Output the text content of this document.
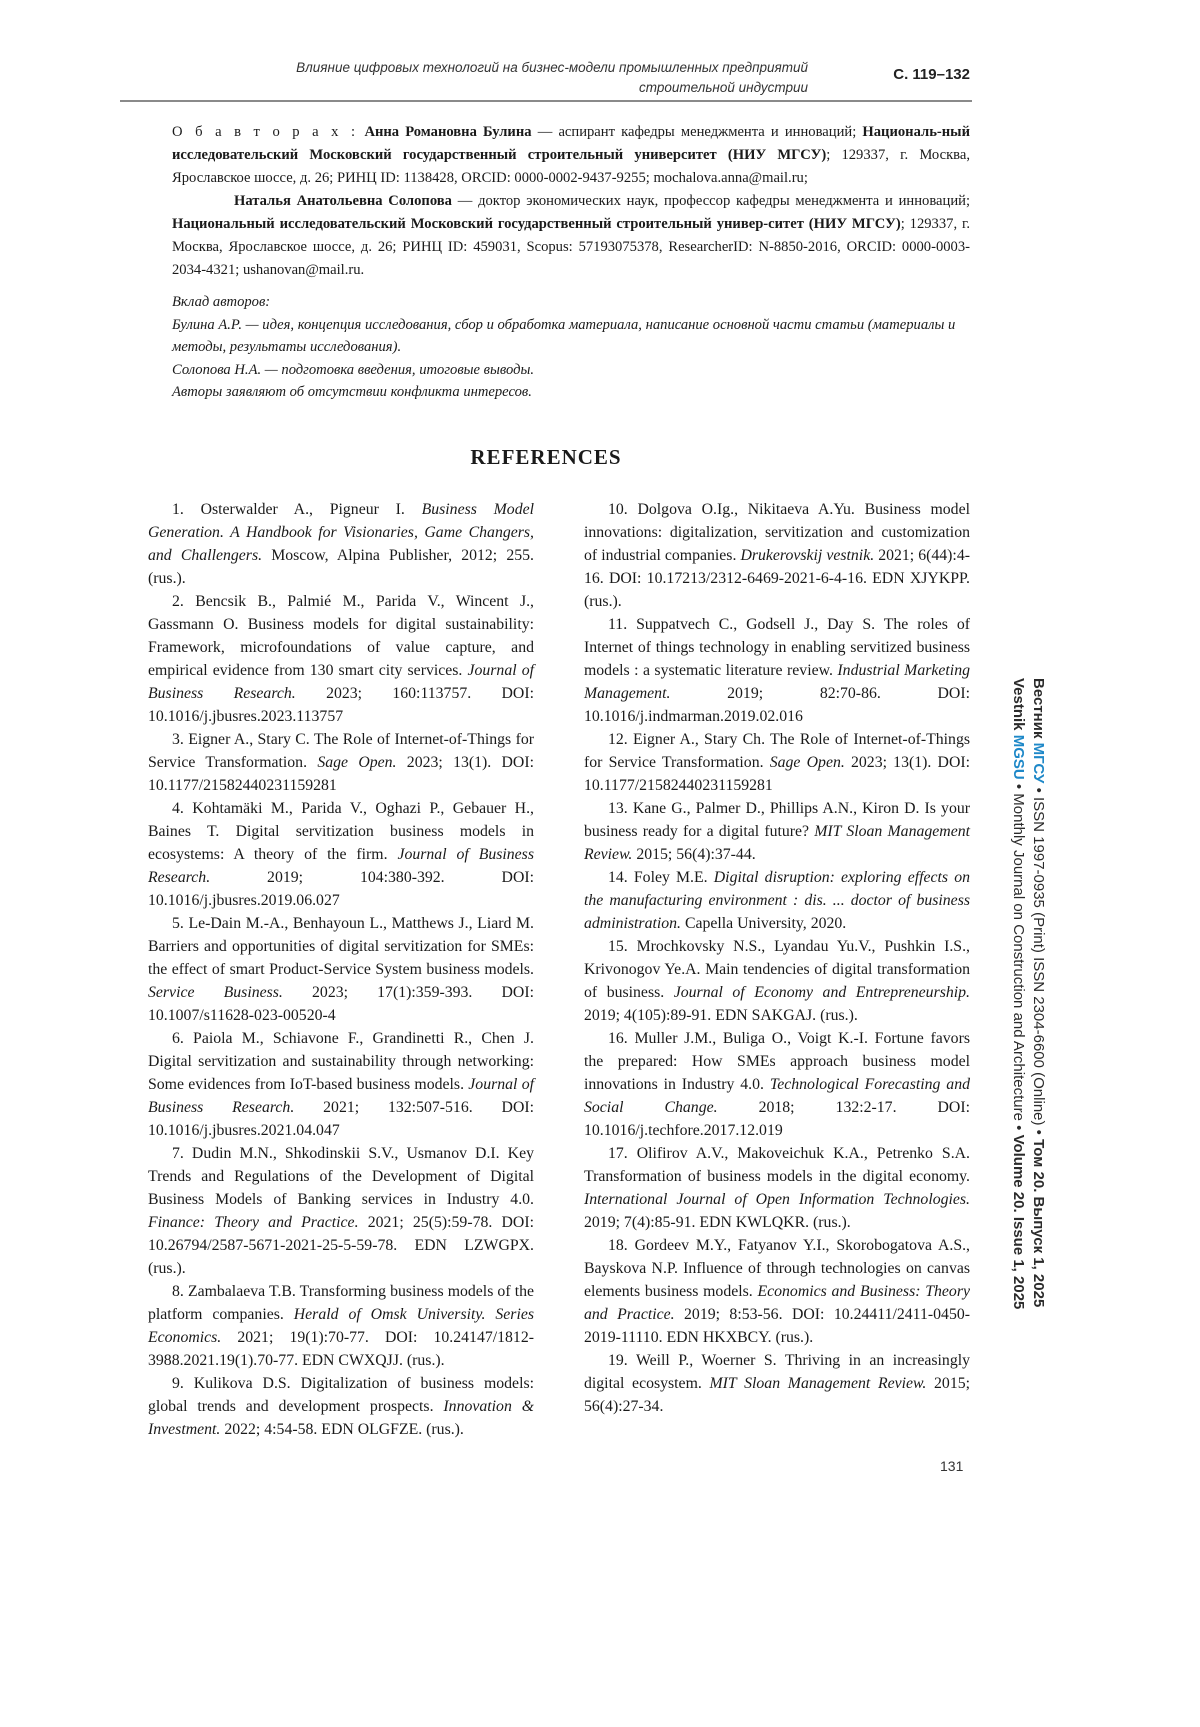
Влияние цифровых технологий на бизнес-модели промышленных предприятий
строительной индустрии
С. 119–132

О б а в т о р а х : Анна Романовна Булина — аспирант кафедры менеджмента и инноваций; Националь-ный исследовательский Московский государственный строительный университет (НИУ МГСУ); 129337, г. Москва, Ярославское шоссе, д. 26; РИНЦ ID: 1138428, ORCID: 0000-0002-9437-9255; mochalova.anna@mail.ru;

Наталья Анатольевна Солопова — доктор экономических наук, профессор кафедры менеджмента и инноваций; Национальный исследовательский Московский государственный строительный универ-ситет (НИУ МГСУ); 129337, г. Москва, Ярославское шоссе, д. 26; РИНЦ ID: 459031, Scopus: 57193075378, ResearcherID: N-8850-2016, ORCID: 0000-0003-2034-4321; ushanovan@mail.ru.

Вклад авторов:

Булина А.Р. — идея, концепция исследования, сбор и обработка материала, написание основной части статьи (материалы и методы, результаты исследования).

Солопова Н.А. — подготовка введения, итоговые выводы.

Авторы заявляют об отсутствии конфликта интересов.

REFERENCES

1. Osterwalder A., Pigneur I. Business Model Generation. A Handbook for Visionaries, Game Changers, and Challengers. Moscow, Alpina Publisher, 2012; 255. (rus.).

2. Bencsik B., Palmié M., Parida V., Wincent J., Gassmann O. Business models for digital sustainability: Framework, microfoundations of value capture, and empirical evidence from 130 smart city services. Journal of Business Research. 2023; 160:113757. DOI: 10.1016/j.jbusres.2023.113757

3. Eigner A., Stary C. The Role of Internet-of-Things for Service Transformation. Sage Open. 2023; 13(1). DOI: 10.1177/21582440231159281

4. Kohtamäki M., Parida V., Oghazi P., Gebauer H., Baines T. Digital servitization business models in ecosystems: A theory of the firm. Journal of Business Research. 2019; 104:380-392. DOI: 10.1016/j.jbusres.2019.06.027

5. Le-Dain M.-A., Benhayoun L., Matthews J., Liard M. Barriers and opportunities of digital servitization for SMEs: the effect of smart Product-Service System business models. Service Business. 2023; 17(1):359-393. DOI: 10.1007/s11628-023-00520-4

6. Paiola M., Schiavone F., Grandinetti R., Chen J. Digital servitization and sustainability through networking: Some evidences from IoT-based business models. Journal of Business Research. 2021; 132:507-516. DOI: 10.1016/j.jbusres.2021.04.047

7. Dudin M.N., Shkodinskii S.V., Usmanov D.I. Key Trends and Regulations of the Development of Digital Business Models of Banking services in Industry 4.0. Finance: Theory and Practice. 2021; 25(5):59-78. DOI: 10.26794/2587-5671-2021-25-5-59-78. EDN LZWGPX. (rus.).

8. Zambalaeva T.B. Transforming business models of the platform companies. Herald of Omsk University. Series Economics. 2021; 19(1):70-77. DOI: 10.24147/1812-3988.2021.19(1).70-77. EDN CWXQJJ. (rus.).

9. Kulikova D.S. Digitalization of business models: global trends and development prospects. Innovation & Investment. 2022; 4:54-58. EDN OLGFZE. (rus.).

10. Dolgova O.Ig., Nikitaeva A.Yu. Business model innovations: digitalization, servitization and customization of industrial companies. Drukerovskij vestnik. 2021; 6(44):4-16. DOI: 10.17213/2312-6469-2021-6-4-16. EDN XJYKPP. (rus.).

11. Suppatvech C., Godsell J., Day S. The roles of Internet of things technology in enabling servitized business models : a systematic literature review. Industrial Marketing Management. 2019; 82:70-86. DOI: 10.1016/j.indmarman.2019.02.016

12. Eigner A., Stary Ch. The Role of Internet-of-Things for Service Transformation. Sage Open. 2023; 13(1). DOI: 10.1177/21582440231159281

13. Kane G., Palmer D., Phillips A.N., Kiron D. Is your business ready for a digital future? MIT Sloan Management Review. 2015; 56(4):37-44.

14. Foley M.E. Digital disruption: exploring effects on the manufacturing environment : dis. ... doctor of business administration. Capella University, 2020.

15. Mrochkovsky N.S., Lyandau Yu.V., Pushkin I.S., Krivonogov Ye.A. Main tendencies of digital transformation of business. Journal of Economy and Entrepreneurship. 2019; 4(105):89-91. EDN SAKGAJ. (rus.).

16. Muller J.M., Buliga O., Voigt K.-I. Fortune favors the prepared: How SMEs approach business model innovations in Industry 4.0. Technological Forecasting and Social Change. 2018; 132:2-17. DOI: 10.1016/j.techfore.2017.12.019

17. Olifirov A.V., Makoveichuk K.A., Petrenko S.A. Transformation of business models in the digital economy. International Journal of Open Information Technologies. 2019; 7(4):85-91. EDN KWLQKR. (rus.).

18. Gordeev M.Y., Fatyanov Y.I., Skorobogatova A.S., Bayskova N.P. Influence of through technologies on canvas elements business models. Economics and Business: Theory and Practice. 2019; 8:53-56. DOI: 10.24411/2411-0450-2019-11110. EDN HKXBCY. (rus.).

19. Weill P., Woerner S. Thriving in an increasingly digital ecosystem. MIT Sloan Management Review. 2015; 56(4):27-34.

Вестник МГСУ • ISSN 1997-0935 (Print) ISSN 2304-6600 (Online) • Том 20. Выпуск 1, 2025
Vestnik MGSU • Monthly Journal on Construction and Architecture • Volume 20. Issue 1, 2025
131
